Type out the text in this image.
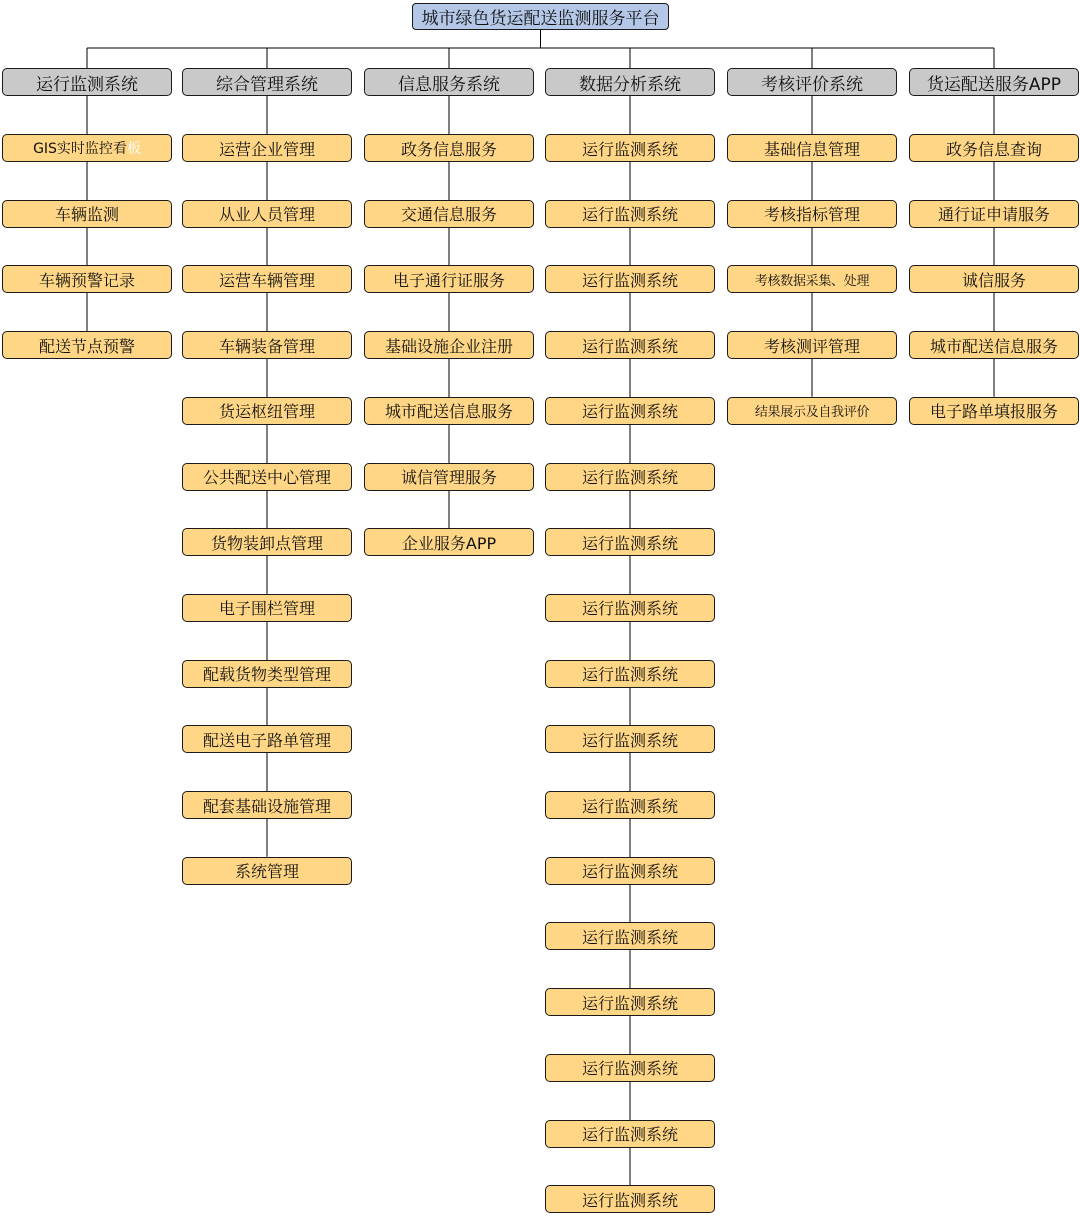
城市绿色货运配送监测服务平台
运行监测系统
GIS实时监控看 板
车辆监测
车辆预警记录
配送节点预警
综合管理系统
运营企业管理
从业人员管理
运营车辆管理
车辆装备管理
货运枢纽管理
公共配送中心管理
货物装卸点管理
电子围栏管理
配载货物类型管理
配送电子路单管理
配套基础设施管理
系统管理
信息服务系统
政务信息服务
交通信息服务
电子通行证服务
基础设施企业注册
城市配送信息服务
诚信管理服务
企业服务APP
数据分析系统
运行监测系统
运行监测系统
运行监测系统
运行监测系统
运行监测系统
运行监测系统
运行监测系统
运行监测系统
运行监测系统
运行监测系统
运行监测系统
运行监测系统
运行监测系统
运行监测系统
运行监测系统
运行监测系统
运行监测系统
考核评价系统
基础信息管理
考核指标管理
考核数据采集、处理
考核测评管理
结果展示及自我评价
货运配送服务APP
政务信息查询
通行证申请服务
诚信服务
城市配送信息服务
电子路单填报服务
